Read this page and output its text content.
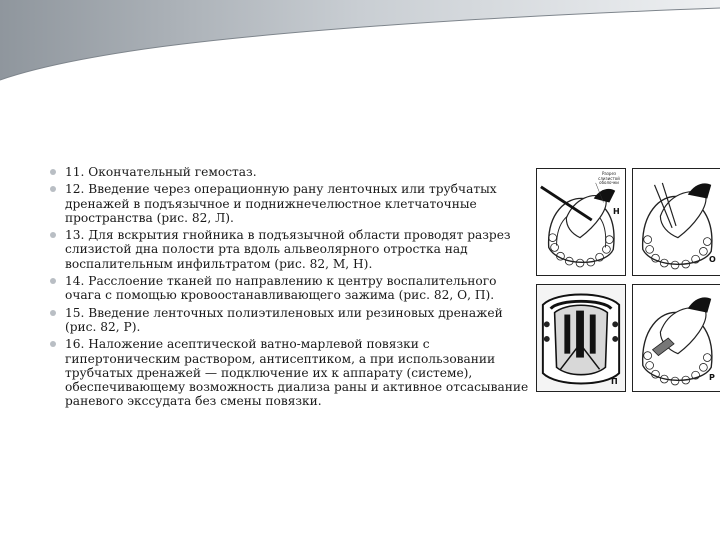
11. Окончательный гемостаз.
12. Введение через операционную рану ленточных или трубчатых дренажей в подъязычное и поднижнечелюстное клетчаточные пространства (рис. 82, Л).
13. Для вскрытия гнойника в подъязычной области проводят разрез слизистой дна полости рта вдоль альвеолярного отростка над воспалительным инфильтратом (рис. 82, М, Н).
14. Расслоение тканей по направлению к центру воспалительного очага с помощью кровоостанавливающего зажима (рис. 82, О, П).
15. Введение ленточных полиэтиленовых или резиновых дренажей (рис. 82, Р).
16. Наложение асептической ватно-марлевой повязки с гипертоническим раствором, антисептиком, а при использовании трубчатых дренажей — подключение их к аппарату (системе), обеспечивающему возможность диализа раны и активное отсасывание раневого экссудата без смены повязки.
Разрез слизистой оболочки
Н
О
П	Р
